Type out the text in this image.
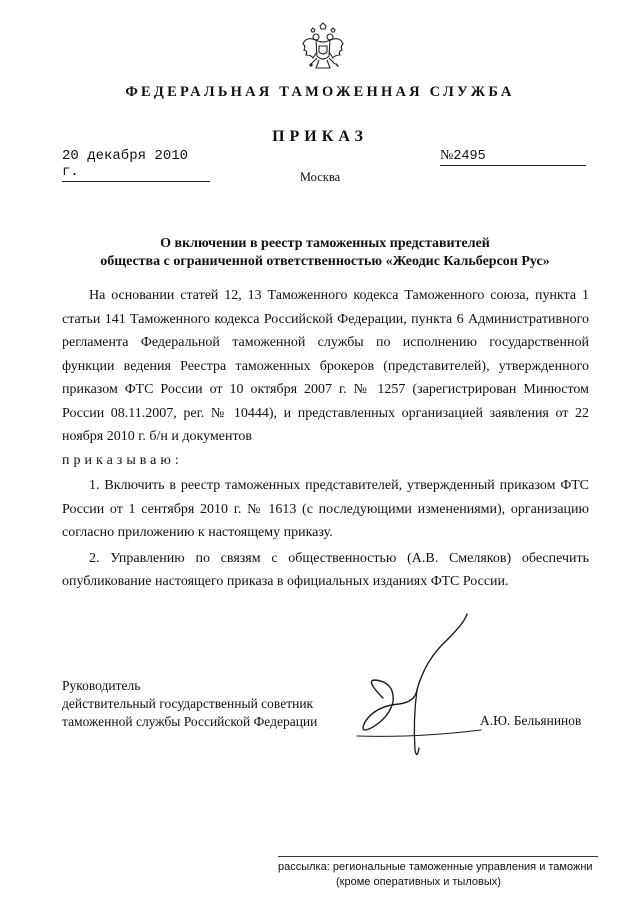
ФЕДЕРАЛЬНАЯ ТАМОЖЕННАЯ СЛУЖБА
ПРИКАЗ
20 декабря 2010 г.
№2495
Москва
О включении в реестр таможенных представителей
общества с ограниченной ответственностью «Жеодис Кальберсон Рус»

На основании статей 12, 13 Таможенного кодекса Таможенного союза, пункта 1 статьи 141 Таможенного кодекса Российской Федерации, пункта 6 Административного регламента Федеральной таможенной службы по исполнению государственной функции ведения Реестра таможенных брокеров (представителей), утвержденного приказом ФТС России от 10 октября 2007 г. № 1257 (зарегистрирован Минюстом России 08.11.2007, рег. № 10444), и представленных организацией заявления от 22 ноября 2010 г. б/н и документов

приказываю:

1. Включить в реестр таможенных представителей, утвержденный приказом ФТС России от 1 сентября 2010 г. № 1613 (с последующими изменениями), организацию согласно приложению к настоящему приказу.

2. Управлению по связям с общественностью (А.В. Смеляков) обеспечить опубликование настоящего приказа в официальных изданиях ФТС России.

Руководитель
действительный государственный советник
таможенной службы Российской Федерации	А.Ю. Бельянинов
рассылка: региональные таможенные управления и таможни
(кроме оперативных и тыловых)
